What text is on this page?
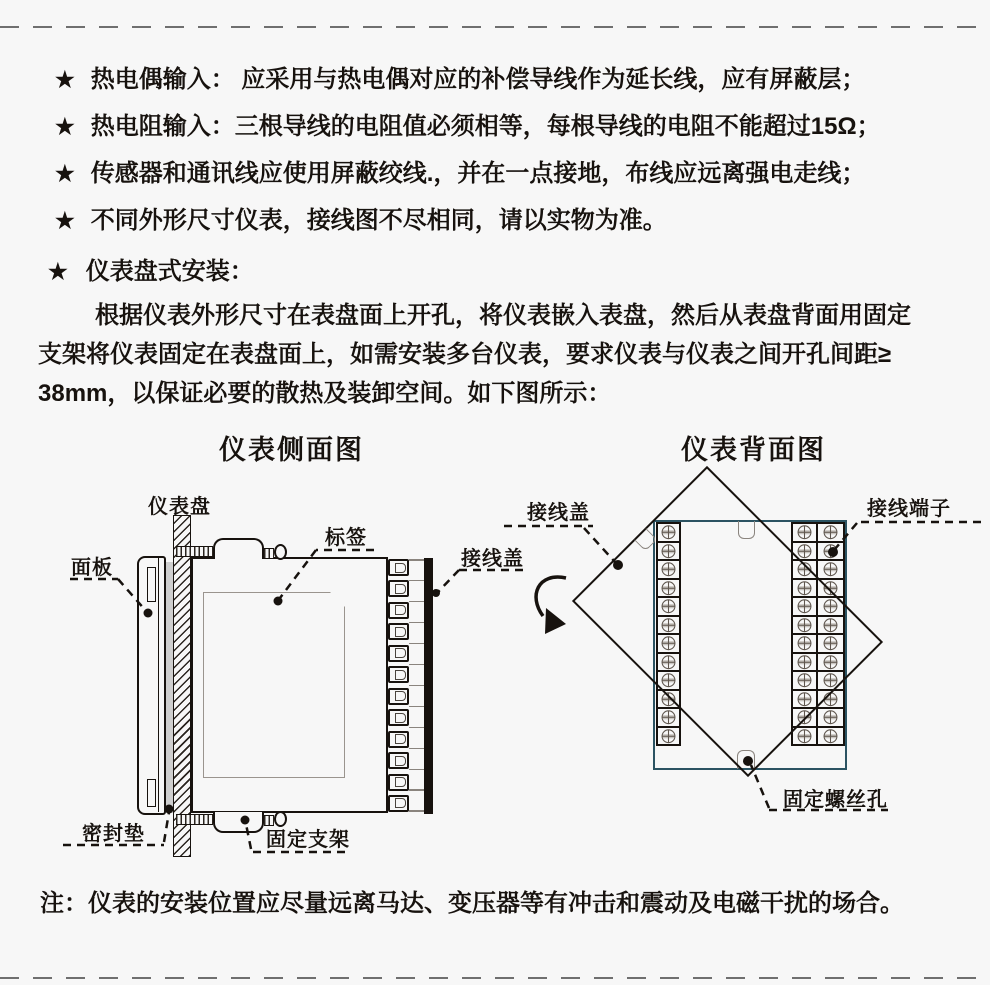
★ 热电偶输入： 应采用与热电偶对应的补偿导线作为延长线，应有屏蔽层；
★ 热电阻输入：三根导线的电阻值必须相等，每根导线的电阻不能超过15Ω；
★ 传感器和通讯线应使用屏蔽绞线.，并在一点接地，布线应远离强电走线；
★ 不同外形尺寸仪表，接线图不尽相同，请以实物为准。
★ 仪表盘式安装：
根据仪表外形尺寸在表盘面上开孔，将仪表嵌入表盘，然后从表盘背面用固定
支架将仪表固定在表盘面上，如需安装多台仪表，要求仪表与仪表之间开孔间距≥
38mm，以保证必要的散热及装卸空间。如下图所示：
仪表侧面图	仪表背面图
仪表盘
面板
标签
接线盖
密封垫	固定支架
接线盖	接线端子
固定螺丝孔
注：仪表的安装位置应尽量远离马达、变压器等有冲击和震动及电磁干扰的场合。
